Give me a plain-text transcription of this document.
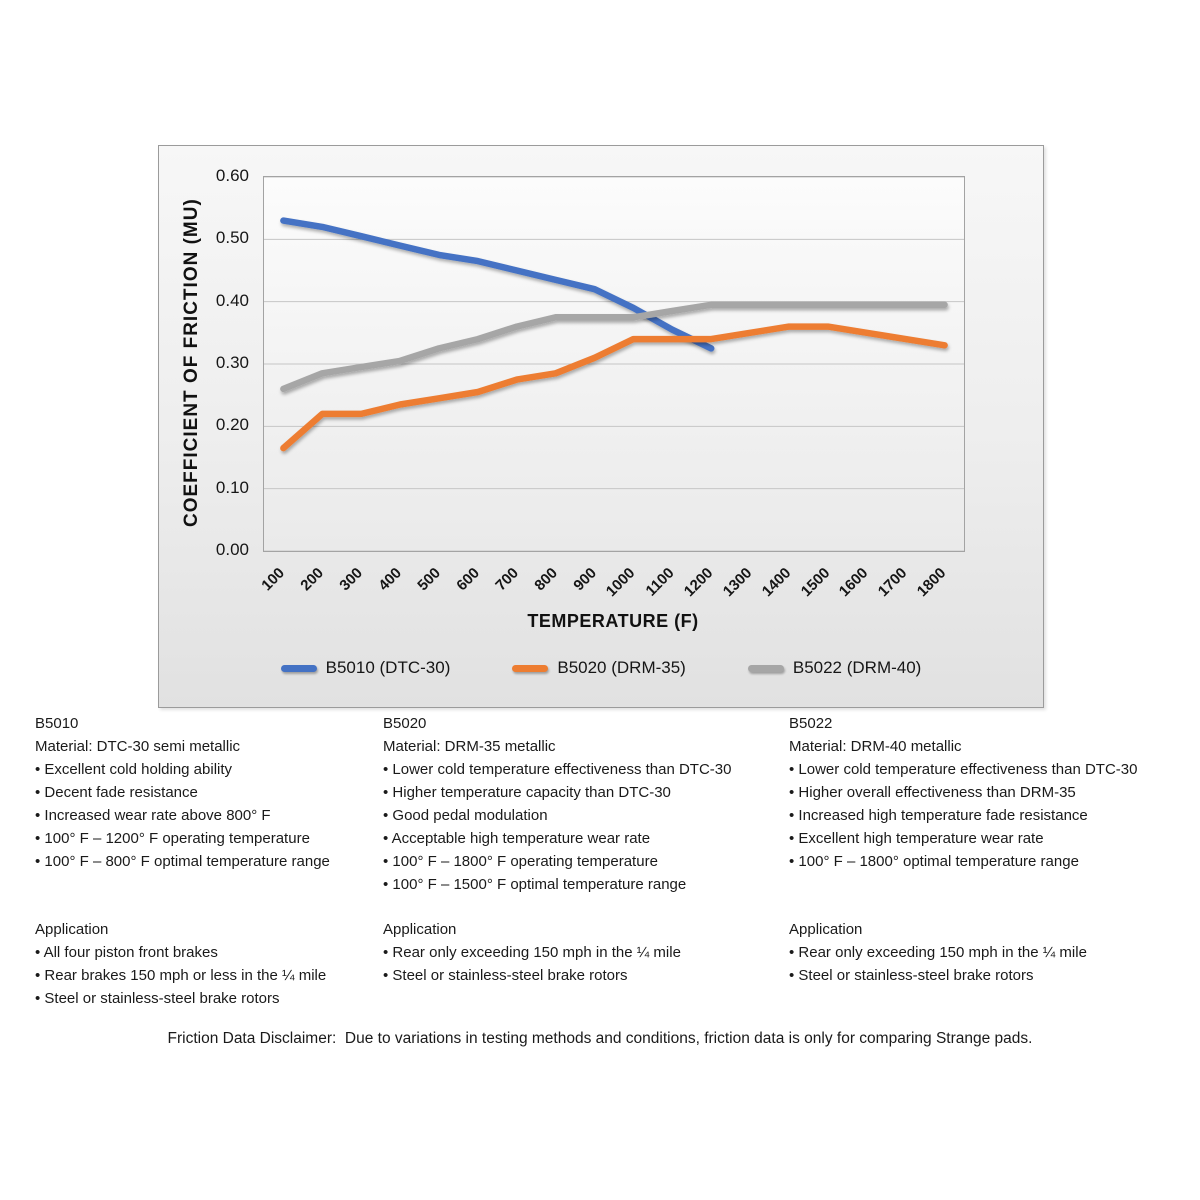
COEFFICIENT OF FRICTION (MU)
0.00
0.10
0.20
0.30
0.40
0.50
0.60
100 200 300 400 500 600 700 800 900 1000 1100 1200 1300 1400 1500 1600 1700 1800
TEMPERATURE (F)
B5010 (DTC-30)	B5020 (DRM-35)	B5022 (DRM-40)
B5010
Material: DTC-30 semi metallic
• Excellent cold holding ability
• Decent fade resistance
• Increased wear rate above 800° F
• 100° F – 1200° F operating temperature
• 100° F – 800° F optimal temperature range
Application
• All four piston front brakes
• Rear brakes 150 mph or less in the ¼ mile
• Steel or stainless-steel brake rotors
B5020
Material: DRM-35 metallic
• Lower cold temperature effectiveness than DTC-30
• Higher temperature capacity than DTC-30
• Good pedal modulation
• Acceptable high temperature wear rate
• 100° F – 1800° F operating temperature
• 100° F – 1500° F optimal temperature range
Application
• Rear only exceeding 150 mph in the ¼ mile
• Steel or stainless-steel brake rotors
B5022
Material: DRM-40 metallic
• Lower cold temperature effectiveness than DTC-30
• Higher overall effectiveness than DRM-35
• Increased high temperature fade resistance
• Excellent high temperature wear rate
• 100° F – 1800° optimal temperature range
Application
• Rear only exceeding 150 mph in the ¼ mile
• Steel or stainless-steel brake rotors

Friction Data Disclaimer:  Due to variations in testing methods and conditions, friction data is only for comparing Strange pads.
